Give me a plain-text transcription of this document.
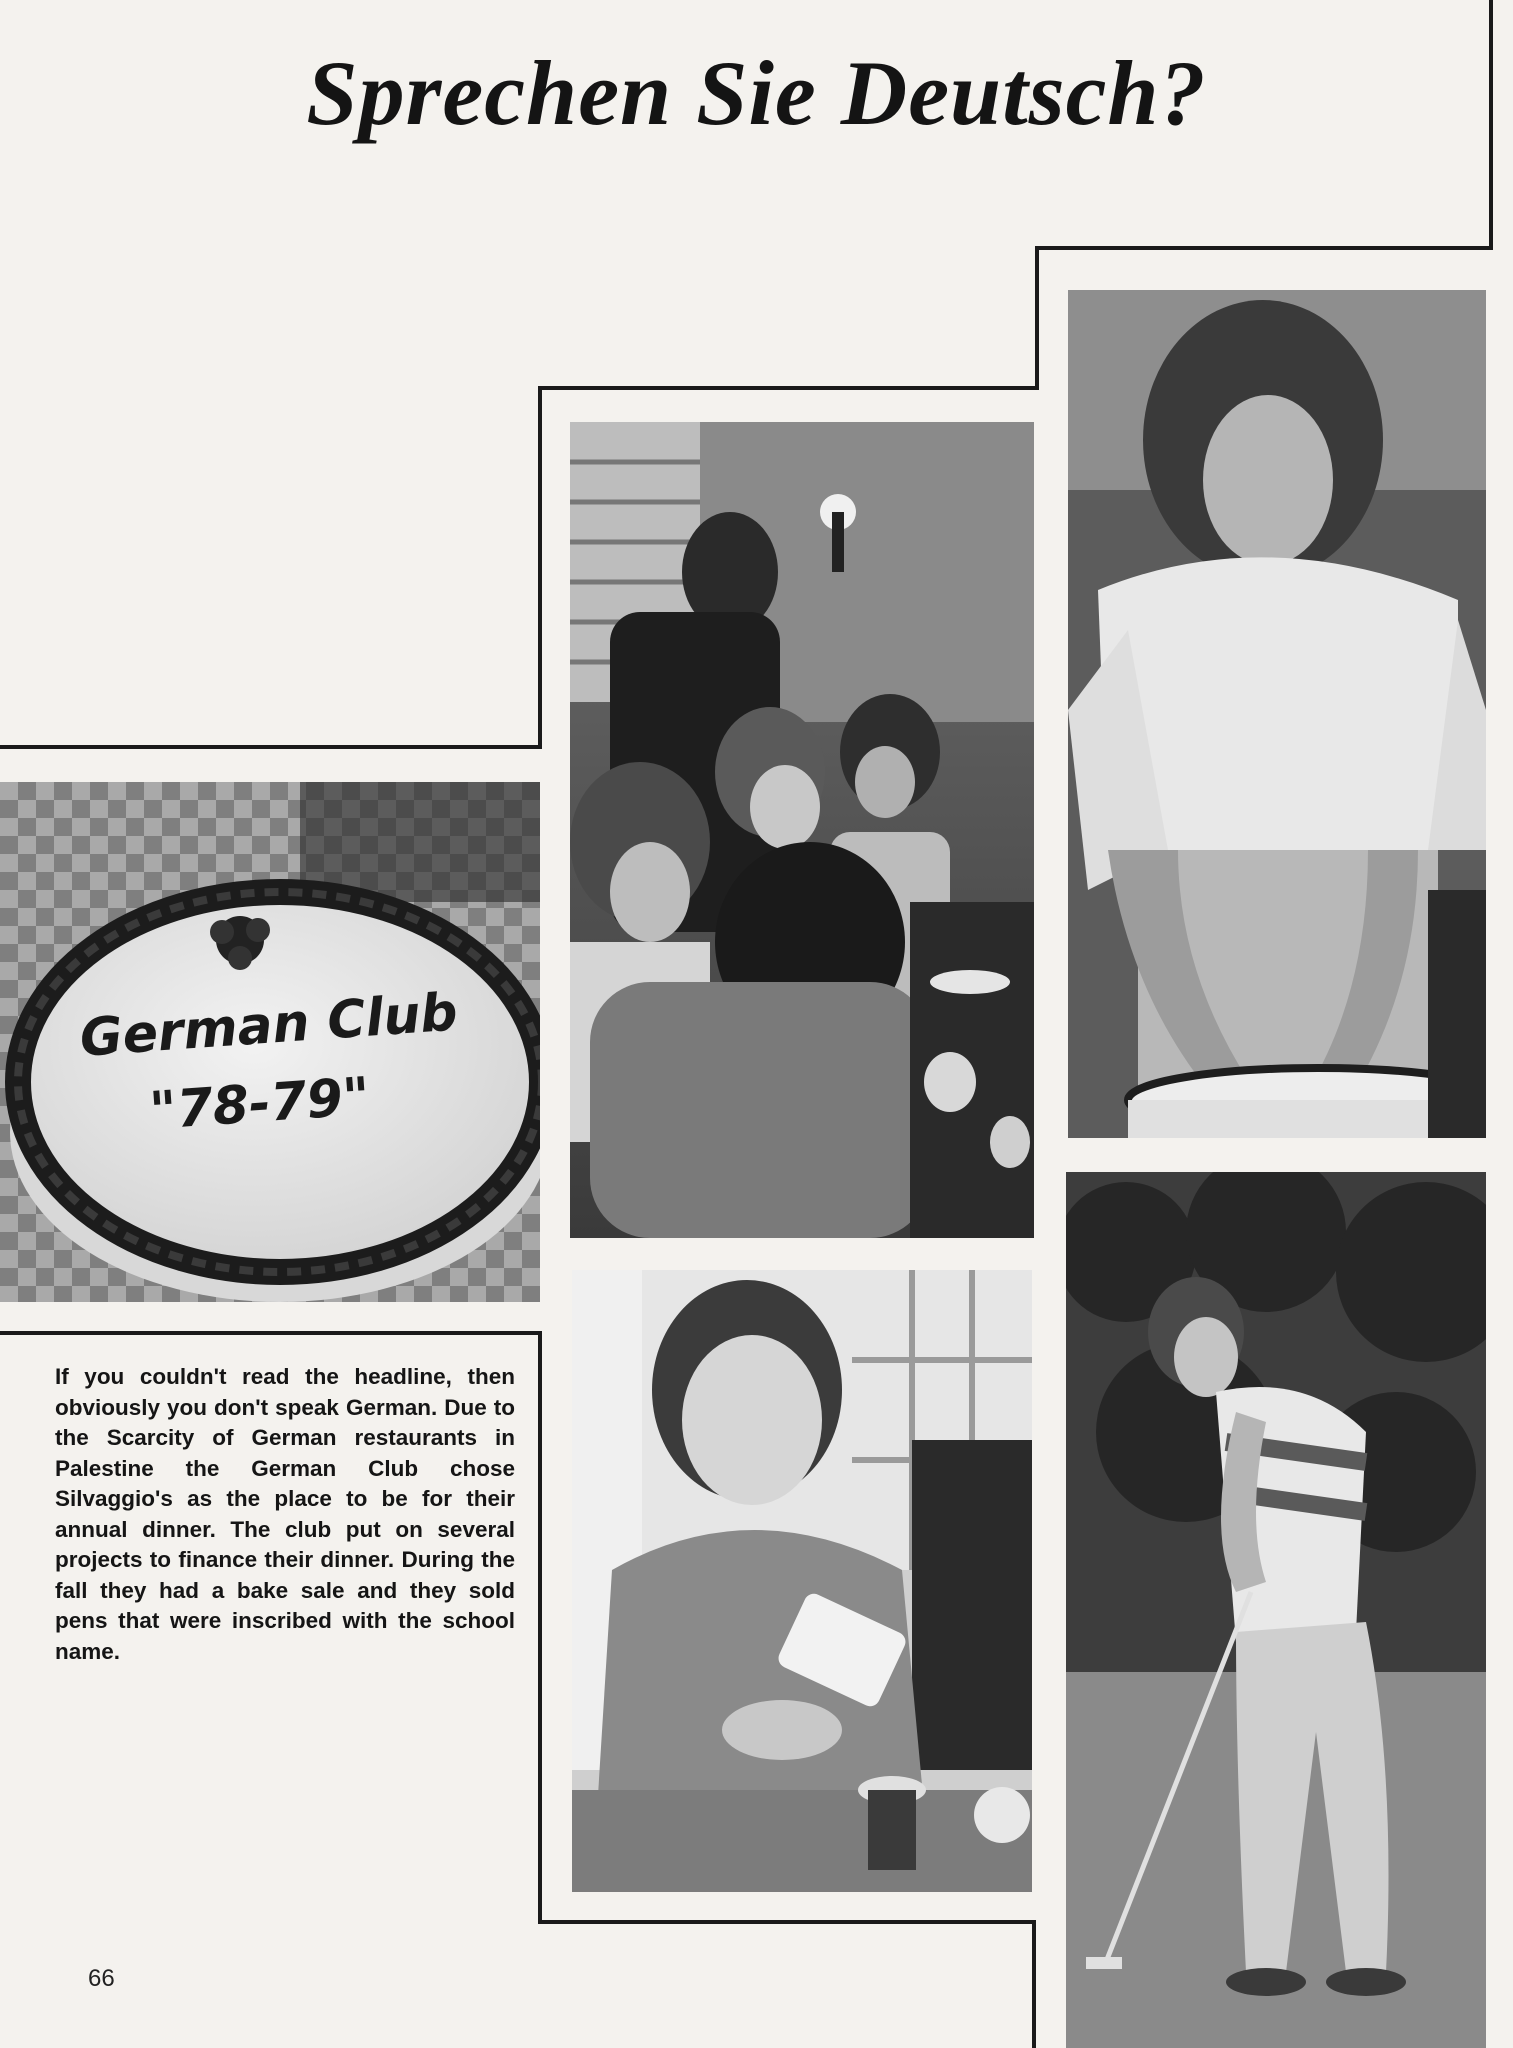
Sprechen Sie Deutsch?
German Club
"78-79"

If you couldn't read the headline, then obviously you don't speak German. Due to the Scarcity of German restaurants in Palestine the German Club chose Silvaggio's as the place to be for their annual dinner. The club put on several projects to finance their dinner. During the fall they had a bake sale and they sold pens that were inscribed with the school name.

66
